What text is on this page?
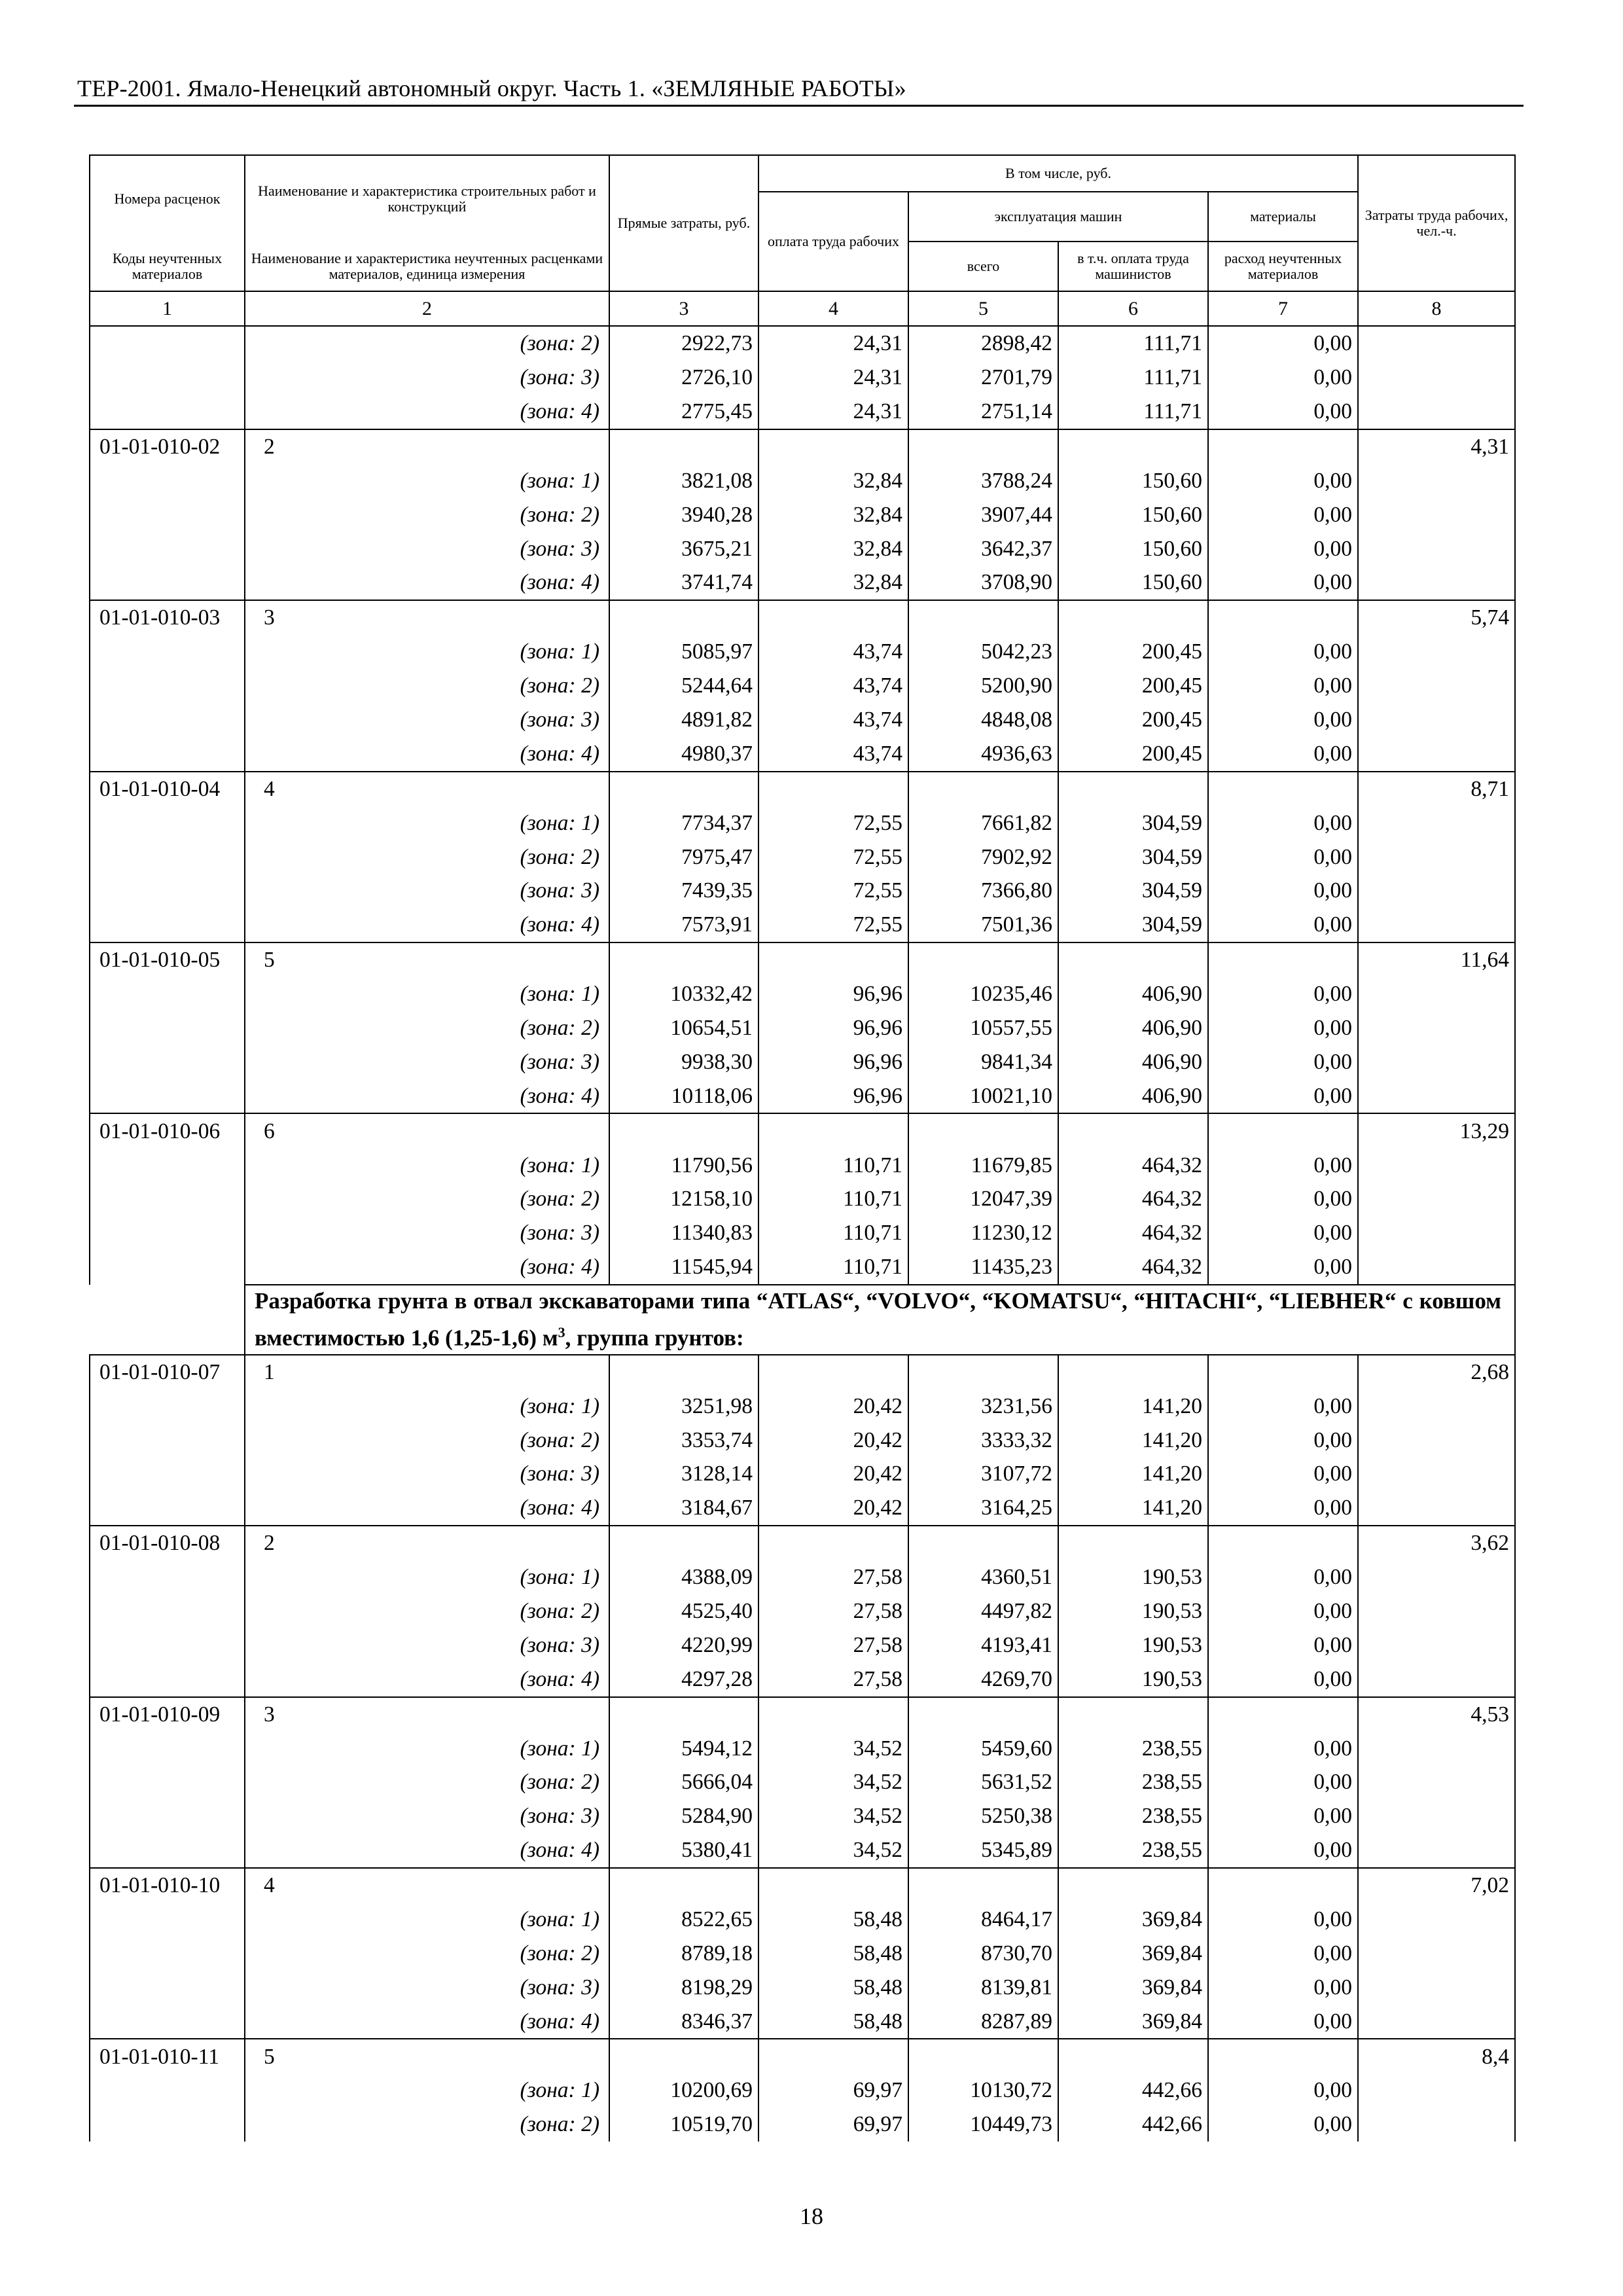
ТЕР-2001. Ямало-Ненецкий автономный округ. Часть 1. «ЗЕМЛЯНЫЕ РАБОТЫ»
Номера расценок	Наименование и характеристика строительных работ и конструкций	Прямые затраты, руб.	В том числе, руб.				Затраты труда рабочих, чел.-ч.
			оплата труда рабочих	эксплуатация машин		материалы	
Коды неучтенных материалов	Наименование и характеристика неучтенных расценками материалов, единица измерения			всего	в т.ч. оплата труда машинистов	расход неучтенных материалов	

1	2	3	4	5	6	7	8
	(зона: 2)	2922,73	24,31	2898,42	111,71	0,00	
	(зона: 3)	2726,10	24,31	2701,79	111,71	0,00	
	(зона: 4)	2775,45	24,31	2751,14	111,71	0,00	
01-01-010-02	2						4,31
	(зона: 1)	3821,08	32,84	3788,24	150,60	0,00	
	(зона: 2)	3940,28	32,84	3907,44	150,60	0,00	
	(зона: 3)	3675,21	32,84	3642,37	150,60	0,00	
	(зона: 4)	3741,74	32,84	3708,90	150,60	0,00	
01-01-010-03	3						5,74
	(зона: 1)	5085,97	43,74	5042,23	200,45	0,00	
	(зона: 2)	5244,64	43,74	5200,90	200,45	0,00	
	(зона: 3)	4891,82	43,74	4848,08	200,45	0,00	
	(зона: 4)	4980,37	43,74	4936,63	200,45	0,00	
01-01-010-04	4						8,71
	(зона: 1)	7734,37	72,55	7661,82	304,59	0,00	
	(зона: 2)	7975,47	72,55	7902,92	304,59	0,00	
	(зона: 3)	7439,35	72,55	7366,80	304,59	0,00	
	(зона: 4)	7573,91	72,55	7501,36	304,59	0,00	
01-01-010-05	5						11,64
	(зона: 1)	10332,42	96,96	10235,46	406,90	0,00	
	(зона: 2)	10654,51	96,96	10557,55	406,90	0,00	
	(зона: 3)	9938,30	96,96	9841,34	406,90	0,00	
	(зона: 4)	10118,06	96,96	10021,10	406,90	0,00	
01-01-010-06	6						13,29
	(зона: 1)	11790,56	110,71	11679,85	464,32	0,00	
	(зона: 2)	12158,10	110,71	12047,39	464,32	0,00	
	(зона: 3)	11340,83	110,71	11230,12	464,32	0,00	
	(зона: 4)	11545,94	110,71	11435,23	464,32	0,00	
	Разработка грунта в отвал экскаваторами типа “ATLAS“, “VOLVO“, “KOMATSU“, “HITACHI“, “LIEBHER“ с ковшом вместимостью 1,6 (1,25-1,6) $м^3$, группа грунтов:						
01-01-010-07	1						2,68
	(зона: 1)	3251,98	20,42	3231,56	141,20	0,00	
	(зона: 2)	3353,74	20,42	3333,32	141,20	0,00	
	(зона: 3)	3128,14	20,42	3107,72	141,20	0,00	
	(зона: 4)	3184,67	20,42	3164,25	141,20	0,00	
01-01-010-08	2						3,62
	(зона: 1)	4388,09	27,58	4360,51	190,53	0,00	
	(зона: 2)	4525,40	27,58	4497,82	190,53	0,00	
	(зона: 3)	4220,99	27,58	4193,41	190,53	0,00	
	(зона: 4)	4297,28	27,58	4269,70	190,53	0,00	
01-01-010-09	3						4,53
	(зона: 1)	5494,12	34,52	5459,60	238,55	0,00	
	(зона: 2)	5666,04	34,52	5631,52	238,55	0,00	
	(зона: 3)	5284,90	34,52	5250,38	238,55	0,00	
	(зона: 4)	5380,41	34,52	5345,89	238,55	0,00	
01-01-010-10	4						7,02
	(зона: 1)	8522,65	58,48	8464,17	369,84	0,00	
	(зона: 2)	8789,18	58,48	8730,70	369,84	0,00	
	(зона: 3)	8198,29	58,48	8139,81	369,84	0,00	
	(зона: 4)	8346,37	58,48	8287,89	369,84	0,00	
01-01-010-11	5						8,4
	(зона: 1)	10200,69	69,97	10130,72	442,66	0,00	
	(зона: 2)	10519,70	69,97	10449,73	442,66	0,00	
18
